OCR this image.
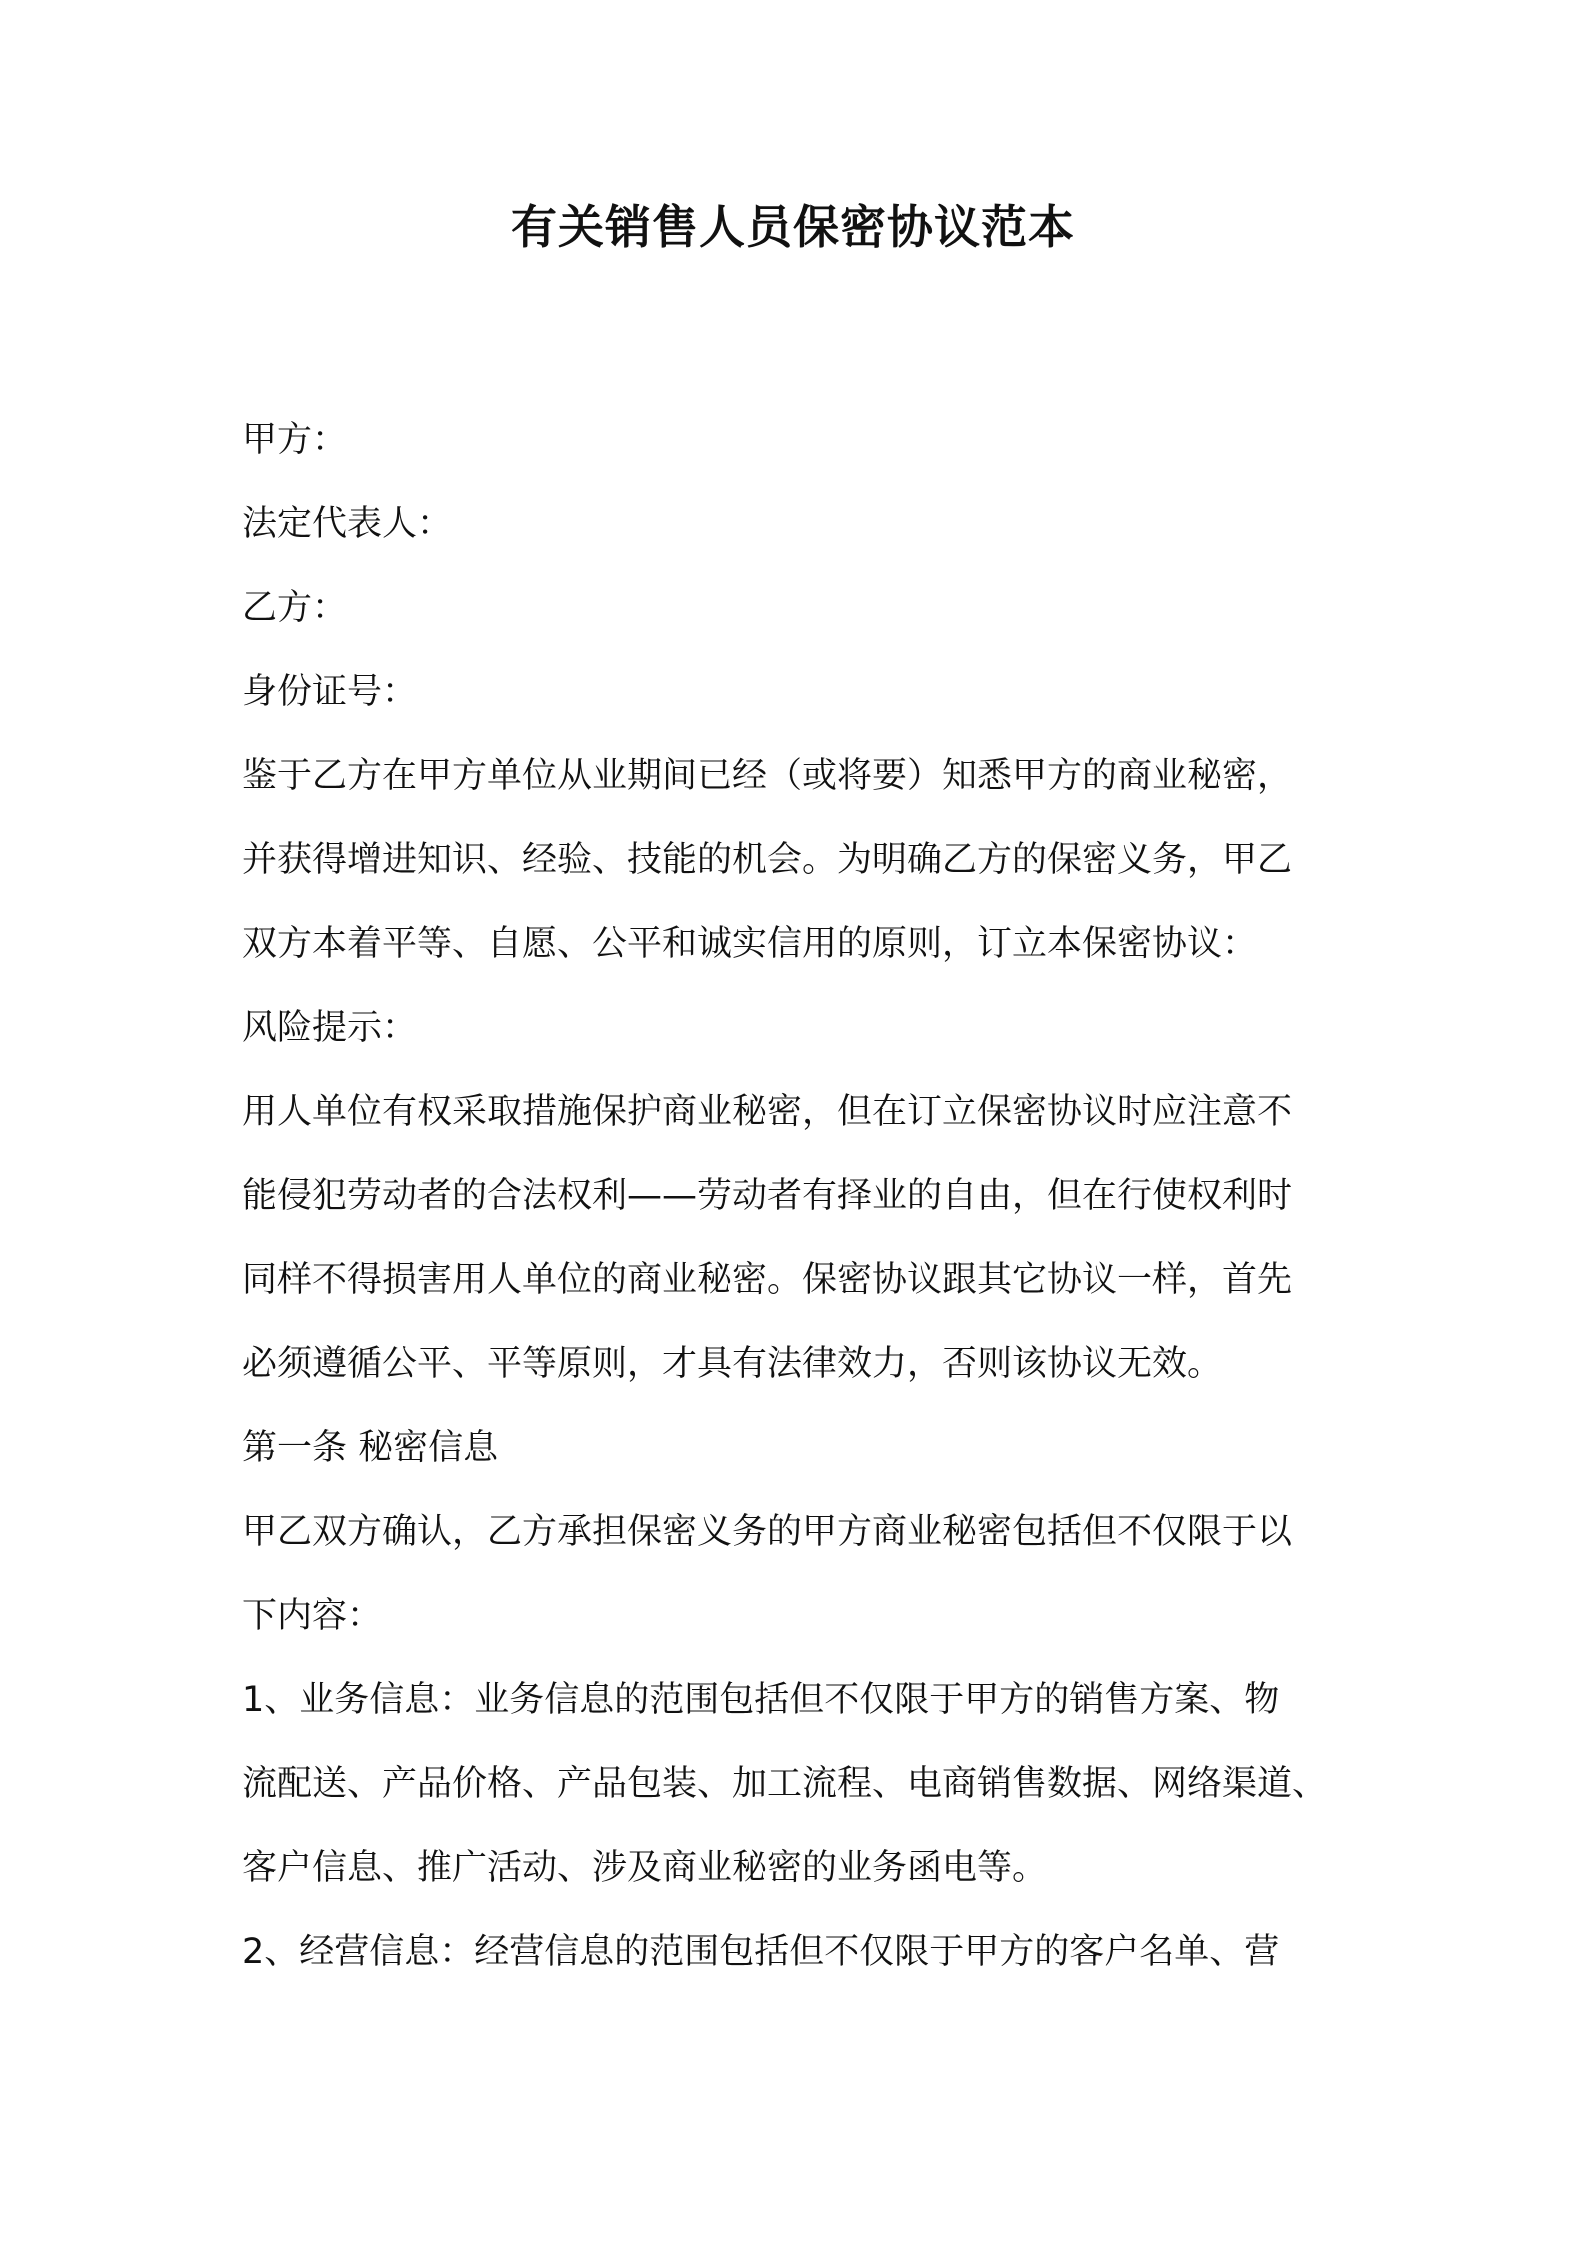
有关销售人员保密协议范本
甲方：
法定代表人：
乙方：
身份证号：
鉴于乙方在甲方单位从业期间已经（或将要）知悉甲方的商业秘密，
并获得增进知识、经验、技能的机会。为明确乙方的保密义务，甲乙
双方本着平等、自愿、公平和诚实信用的原则，订立本保密协议：
风险提示：
用人单位有权采取措施保护商业秘密，但在订立保密协议时应注意不
能侵犯劳动者的合法权利——劳动者有择业的自由，但在行使权利时
同样不得损害用人单位的商业秘密。保密协议跟其它协议一样，首先
必须遵循公平、平等原则，才具有法律效力，否则该协议无效。
第一条 秘密信息
甲乙双方确认，乙方承担保密义务的甲方商业秘密包括但不仅限于以
下内容：
1、业务信息：业务信息的范围包括但不仅限于甲方的销售方案、物
流配送、产品价格、产品包装、加工流程、电商销售数据、网络渠道、
客户信息、推广活动、涉及商业秘密的业务函电等。
2、经营信息：经营信息的范围包括但不仅限于甲方的客户名单、营
